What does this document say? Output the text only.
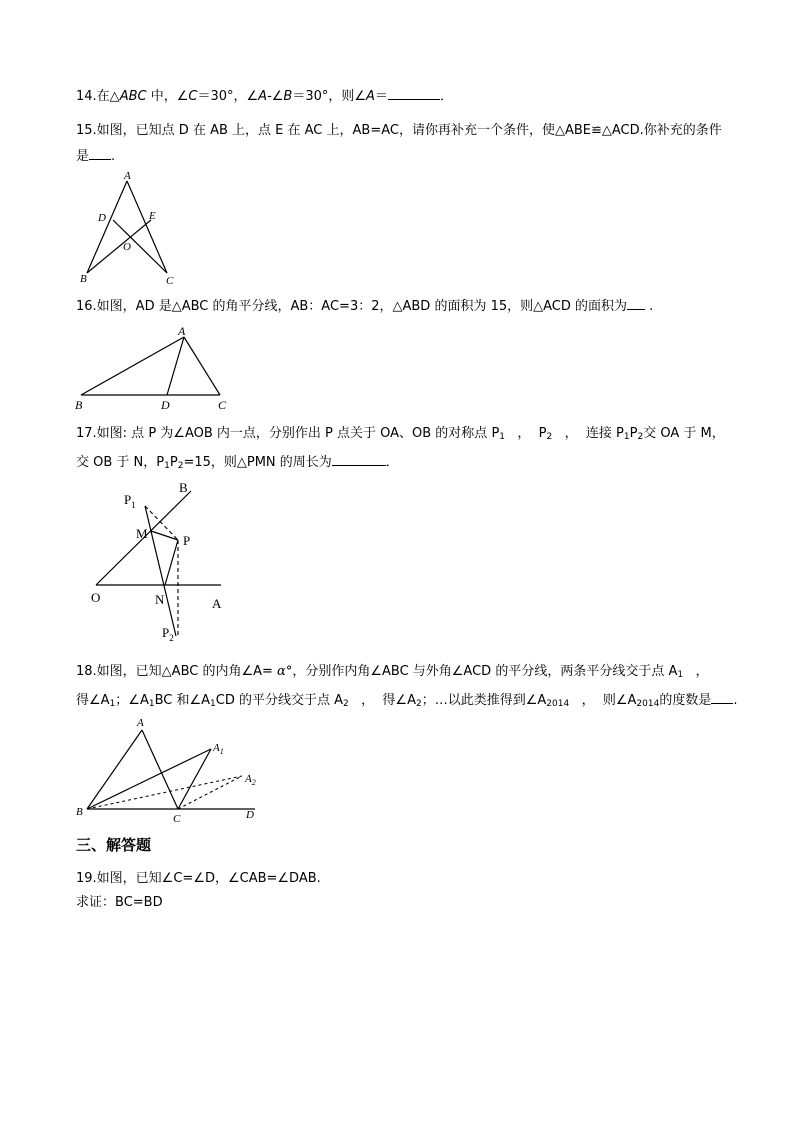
14.在△ABC 中，∠C＝30°，∠A-∠B＝30°，则∠A＝	．
15.如图，已知点 D 在 AB 上，点 E 在 AC 上，AB=AC，请你再补充一个条件，使△ABE≌△ACD.你补充的条件
是 .
A
D	E
O
B	C
16.如图，AD 是△ABC 的角平分线，AB：AC=3：2，△ABD 的面积为 15，则△ACD 的面积为 .
A
B	D	C
17.如图: 点 P 为∠AOB 内一点，分别作出 P 点关于 OA、OB 的对称点 $P_1$   ，  $P_2$   ，  连接 $P_1P_2$交 OA 于 M，
交 OB 于 N，$P_1P_2=15$，则△PMN 的周长为	．
B
$P_1$
M	P
O	N	A
$P_2$
18.如图，已知△ABC 的内角∠A= α°，分别作内角∠ABC 与外角∠ACD 的平分线，两条平分线交于点 $A_1$   ，
得$\angle A_1$；$\angle A_1BC$ 和$\angle A_1CD$ 的平分线交于点 $A_2$   ，  得$\angle A_2$；…以此类推得到$\angle A_{2014}$   ，  则$\angle A_{2014}$的度数是 .
A
$A_1$
$A_2$
B
C	D
三、解答题
19.如图，已知∠C=∠D，∠CAB=∠DAB.
求证：BC=BD
